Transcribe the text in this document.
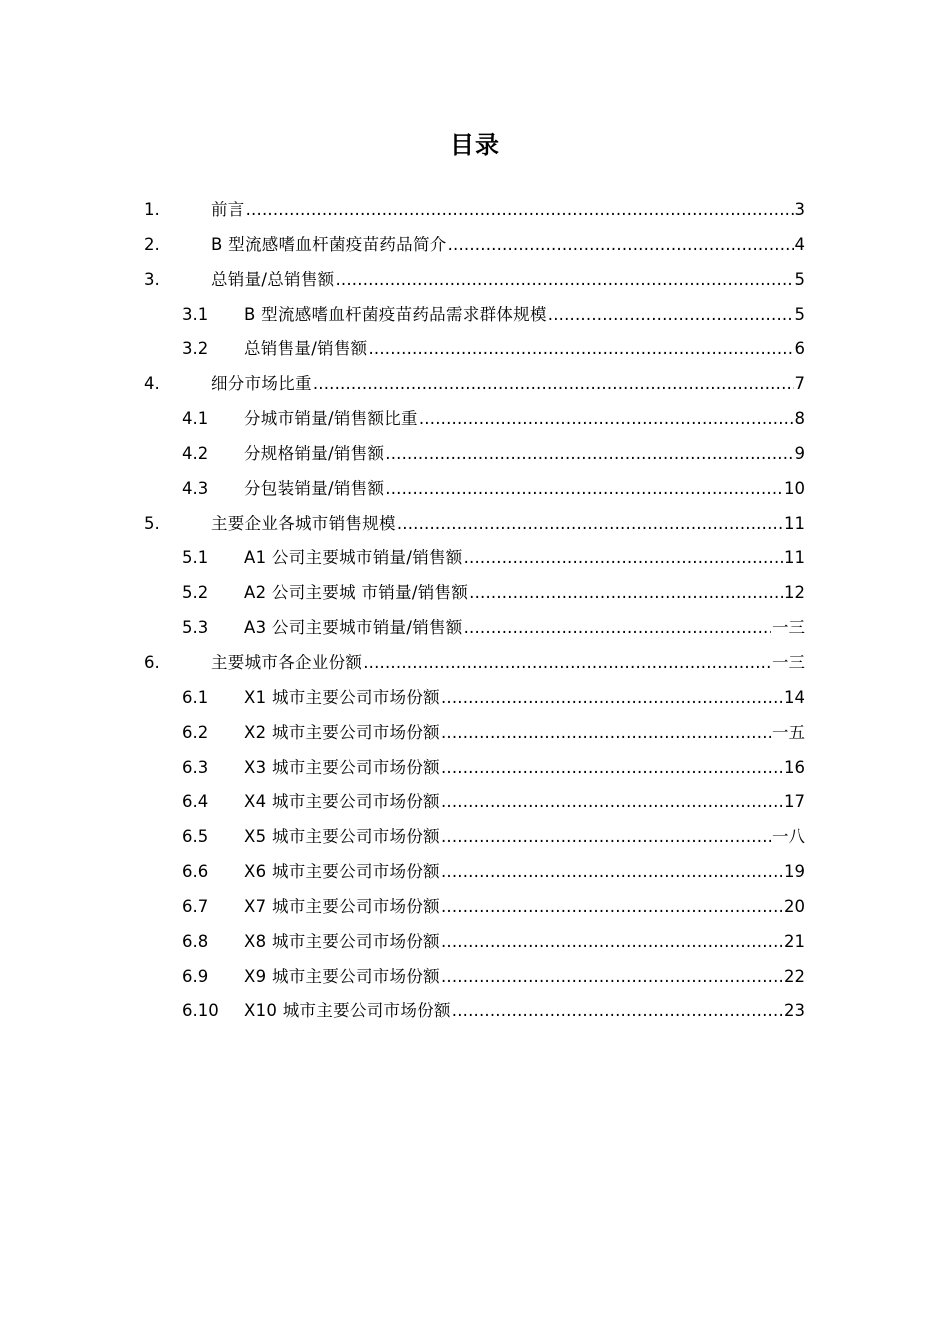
目录
1.	前言 .....	3
2.	B 型流感嗜血杆菌疫苗药品简介 .....	4
3.	总销量/总销售额 .....	5
3.1 B 型流感嗜血杆菌疫苗药品需求群体规模 .....	5
3.2 总销售量/销售额 .....	6
4.	细分市场比重 .....	7
4.1 分城市销量/销售额比重 .....	8
4.2 分规格销量/销售额 .....	9
4.3 分包装销量/销售额 .....	10
5.	主要企业各城市销售规模 .....	11
5.1 A1 公司主要城市销量/销售额 .....	11
5.2 A2 公司主要城 市销量/销售额 .....	12
5.3 A3 公司主要城市销量/销售额 .....	一三
6.	主要城市各企业份额 .....	一三
6.1 X1 城市主要公司市场份额 .....	14
6.2 X2 城市主要公司市场份额 .....	一五
6.3 X3 城市主要公司市场份额 .....	16
6.4 X4 城市主要公司市场份额 .....	17
6.5 X5 城市主要公司市场份额 .....	一八
6.6 X6 城市主要公司市场份额 .....	19
6.7 X7 城市主要公司市场份额 .....	20
6.8 X8 城市主要公司市场份额 .....	21
6.9 X9 城市主要公司市场份额 .....	22
6.10 X10 城市主要公司市场份额 .....	23
